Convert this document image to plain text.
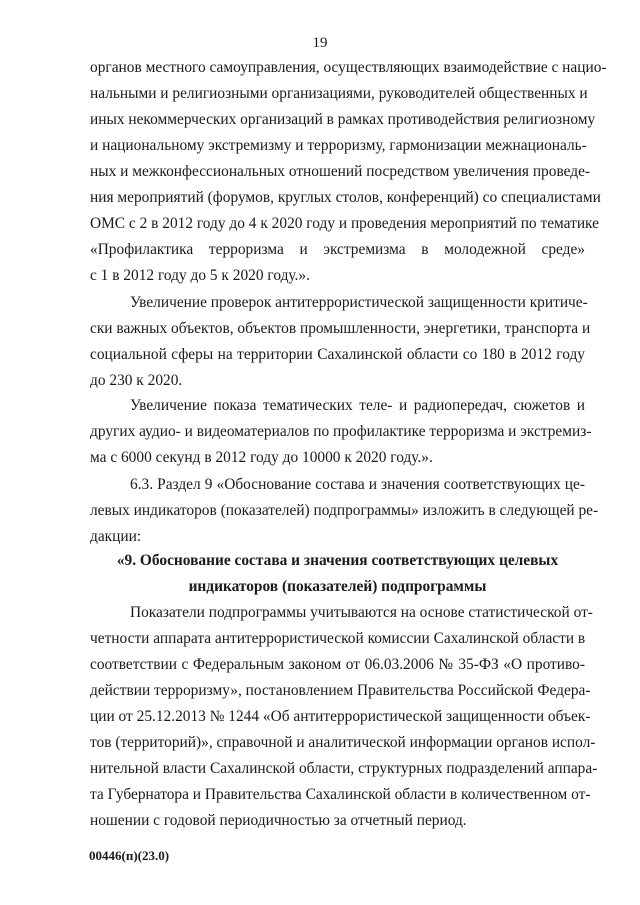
19
органов местного самоуправления, осуществляющих взаимодействие с нацио-
нальными и религиозными организациями, руководителей общественных и
иных некоммерческих организаций в рамках противодействия религиозному
и национальному экстремизму и терроризму, гармонизации межнациональ-
ных и межконфессиональных отношений посредством увеличения проведе-
ния мероприятий (форумов, круглых столов, конференций) со специалистами
ОМС с 2 в 2012 году до 4 к 2020 году и проведения мероприятий по тематике
«Профилактика терроризма и экстремизма в молодежной среде»
с 1 в 2012 году до 5 к 2020 году.».
Увеличение проверок антитеррористической защищенности критиче-
ски важных объектов, объектов промышленности, энергетики, транспорта и
социальной сферы на территории Сахалинской области со 180 в 2012 году
до 230 к 2020.
Увеличение показа тематических теле- и радиопередач, сюжетов и
других аудио- и видеоматериалов по профилактике терроризма и экстремиз-
ма с 6000 секунд в 2012 году до 10000 к 2020 году.».
6.3. Раздел 9 «Обоснование состава и значения соответствующих це-
левых индикаторов (показателей) подпрограммы» изложить в следующей ре-
дакции:
«9. Обоснование состава и значения соответствующих целевых
индикаторов (показателей) подпрограммы
Показатели подпрограммы учитываются на основе статистической от-
четности аппарата антитеррористической комиссии Сахалинской области в
соответствии с Федеральным законом от 06.03.2006 № 35-ФЗ «О противо-
действии терроризму», постановлением Правительства Российской Федера-
ции от 25.12.2013 № 1244 «Об антитеррористической защищенности объек-
тов (территорий)», справочной и аналитической информации органов испол-
нительной власти Сахалинской области, структурных подразделений аппара-
та Губернатора и Правительства Сахалинской области в количественном от-
ношении с годовой периодичностью за отчетный период.
00446(п)(23.0)
